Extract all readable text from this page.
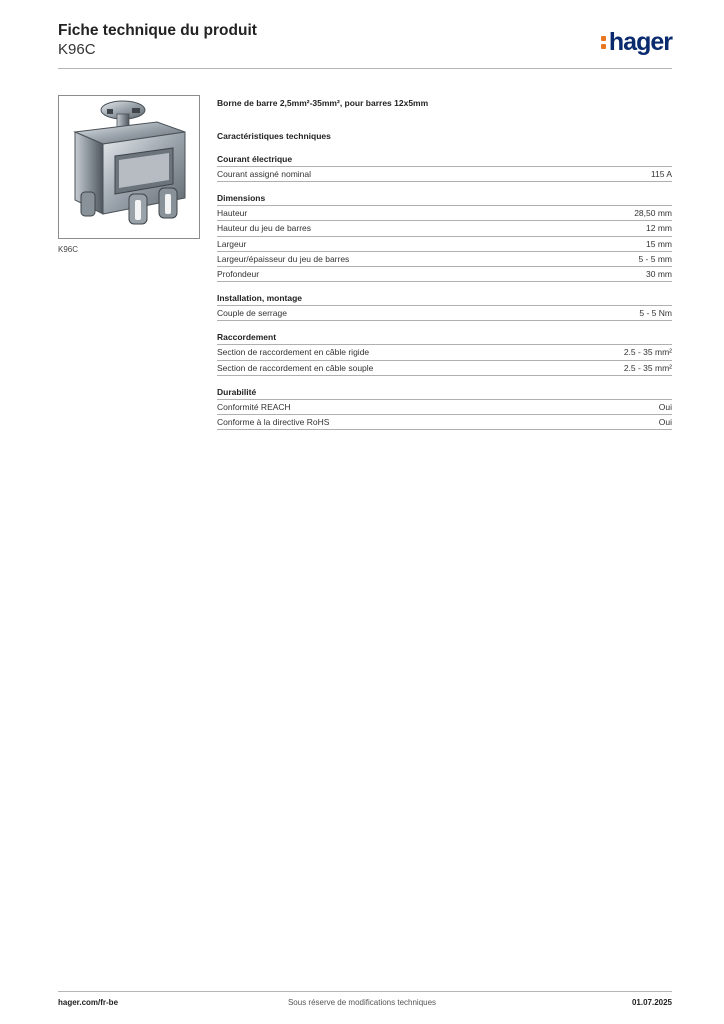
Fiche technique du produit
K96C	hager
K96C
Borne de barre 2,5mm²-35mm², pour barres 12x5mm
Caractéristiques techniques
Courant électrique
Courant assigné nominal	115 A
Dimensions
Hauteur	28,50 mm
Hauteur du jeu de barres	12 mm
Largeur	15 mm
Largeur/épaisseur du jeu de barres	5 - 5 mm
Profondeur	30 mm
Installation, montage
Couple de serrage	5 - 5 Nm
Raccordement
Section de raccordement en câble rigide	2.5 - 35 mm²
Section de raccordement en câble souple	2.5 - 35 mm²
Durabilité
Conformité REACH	Oui
Conforme à la directive RoHS	Oui
hager.com/fr-be	Sous réserve de modifications techniques	01.07.2025
